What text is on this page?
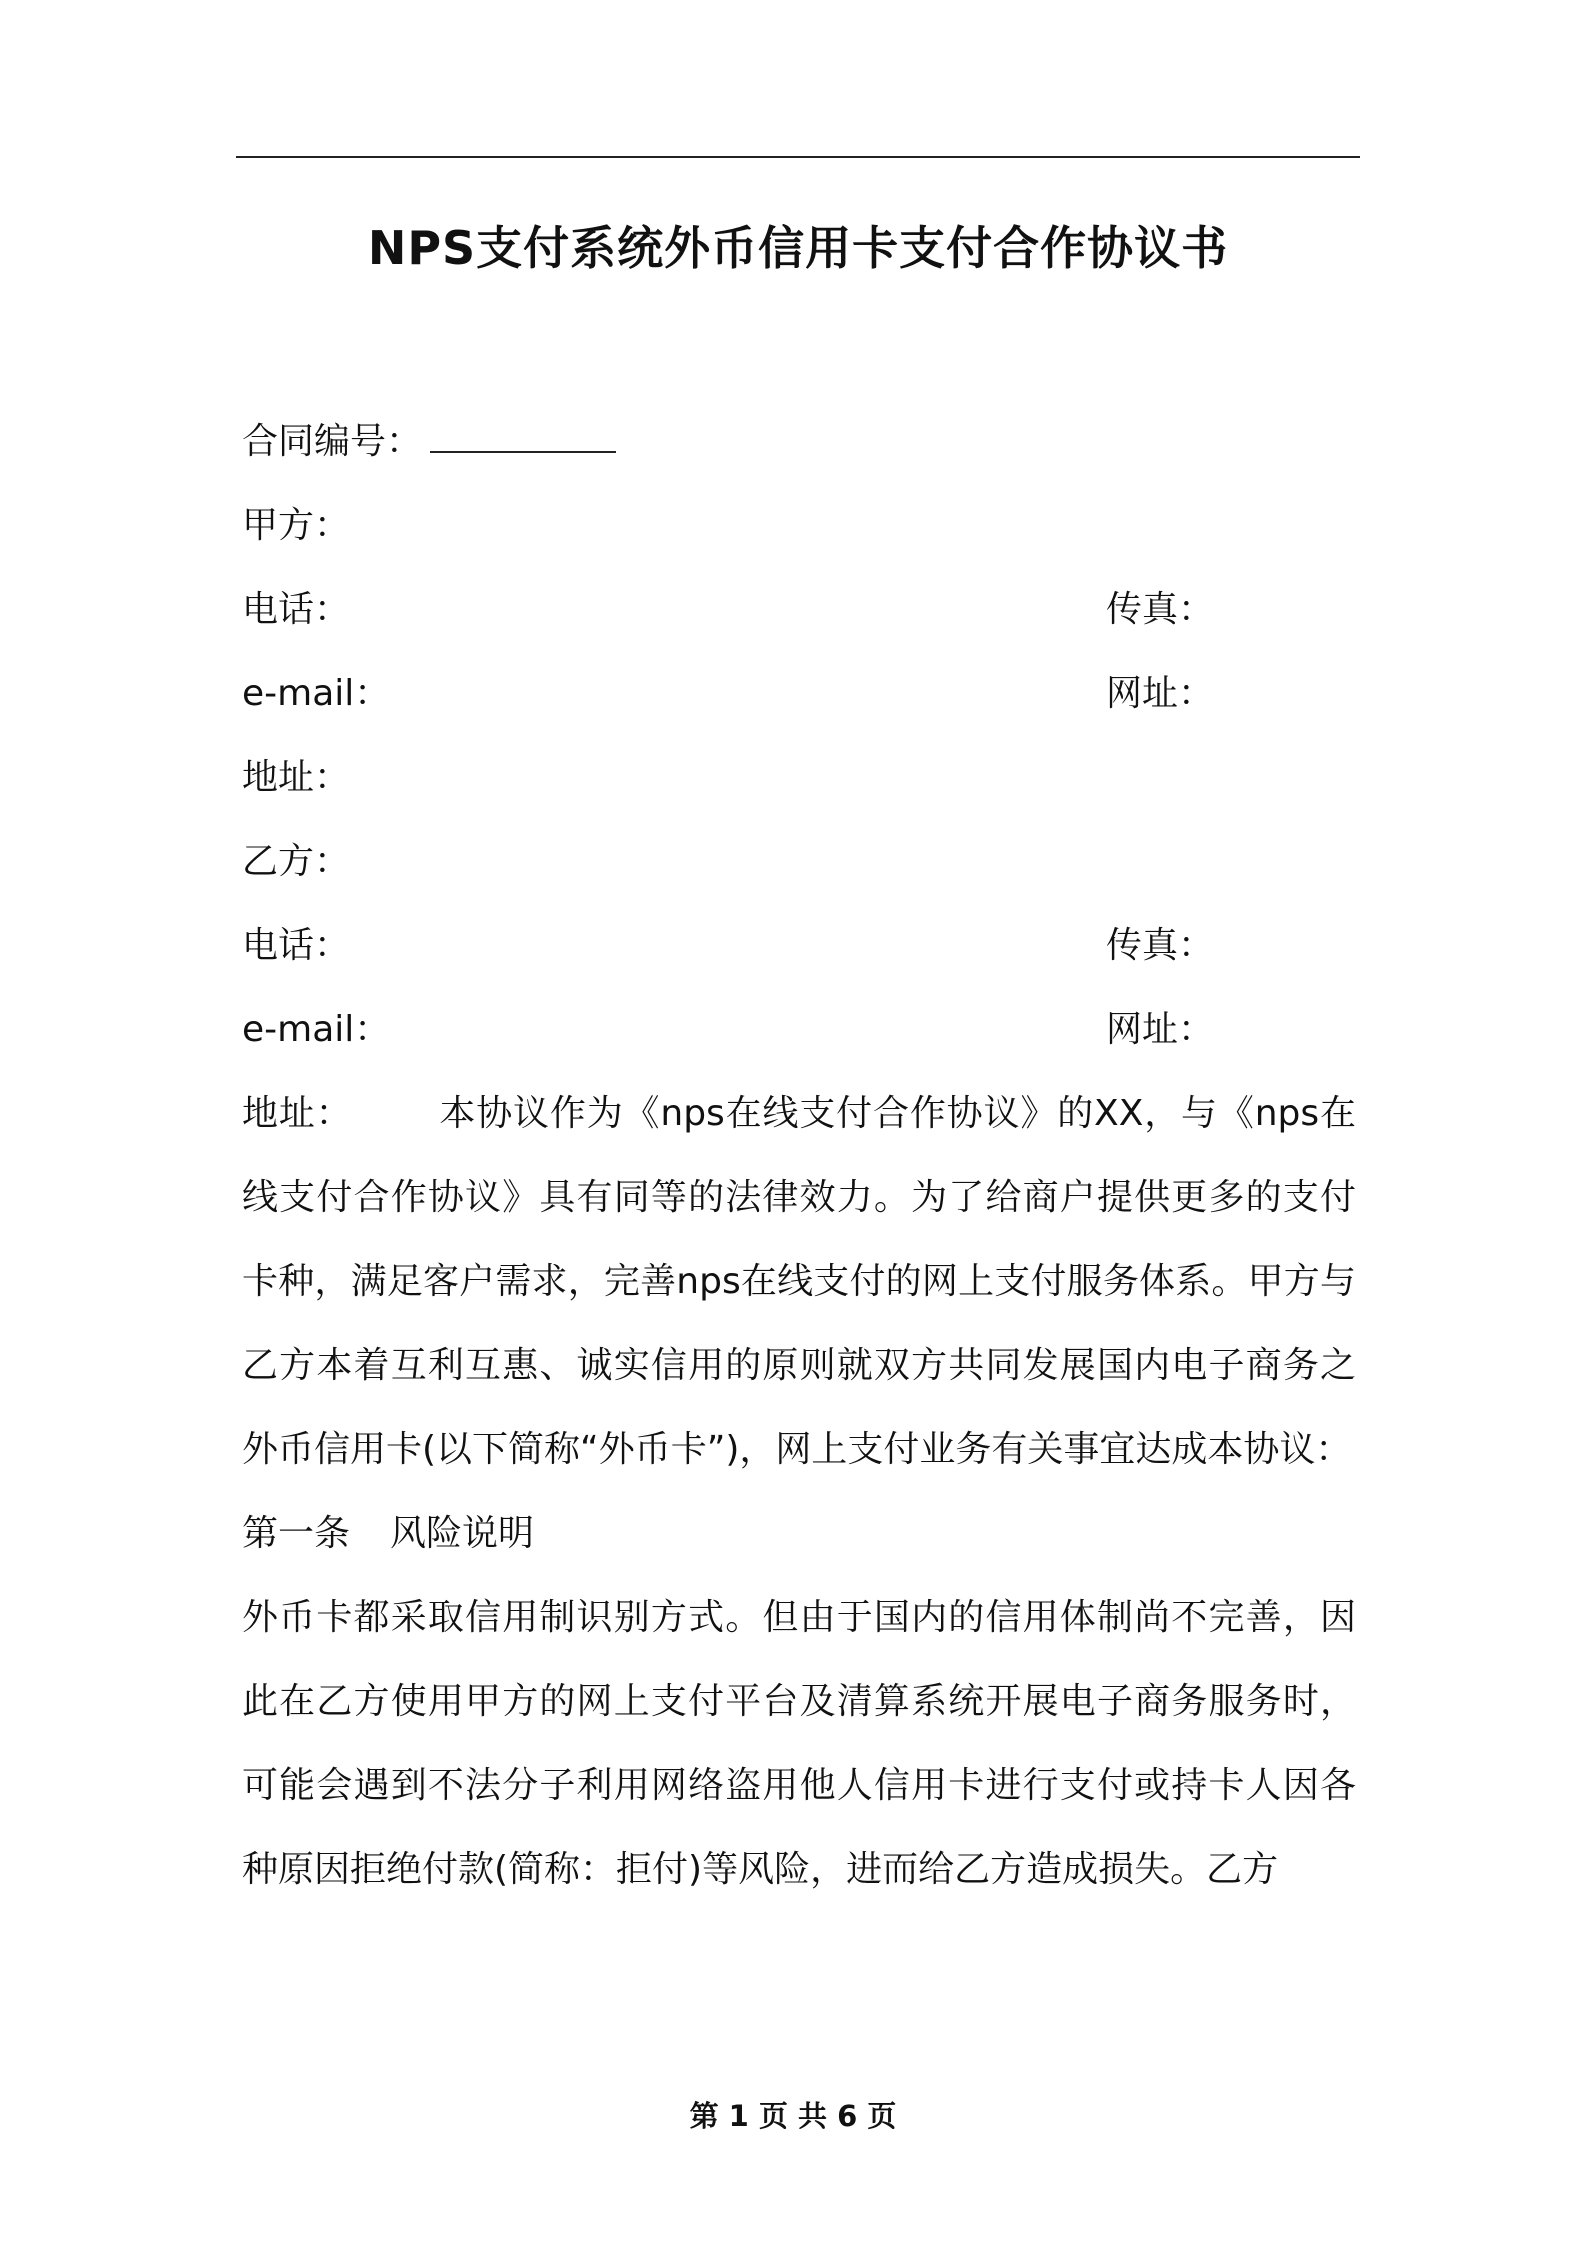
NPS支付系统外币信用卡支付合作协议书
合同编号：
甲方：
电话：	传真：
e-mail：	网址：
地址：
乙方：
电话：	传真：
e-mail：	网址：
地址： 本协议作为《nps在线支付合作协议》的XX，与《nps在线支付合作协议》具有同等的法律效力。为了给商户提供更多的支付卡种，满足客户需求，完善nps在线支付的网上支付服务体系。甲方与乙方本着互利互惠、诚实信用的原则就双方共同发展国内电子商务之外币信用卡(以下简称“外币卡”)，网上支付业务有关事宜达成本协议：
第一条 风险说明
外币卡都采取信用制识别方式。但由于国内的信用体制尚不完善，因此在乙方使用甲方的网上支付平台及清算系统开展电子商务服务时，可能会遇到不法分子利用网络盗用他人信用卡进行支付或持卡人因各种原因拒绝付款(简称：拒付)等风险，进而给乙方造成损失。乙方
第 1 页 共 6 页
